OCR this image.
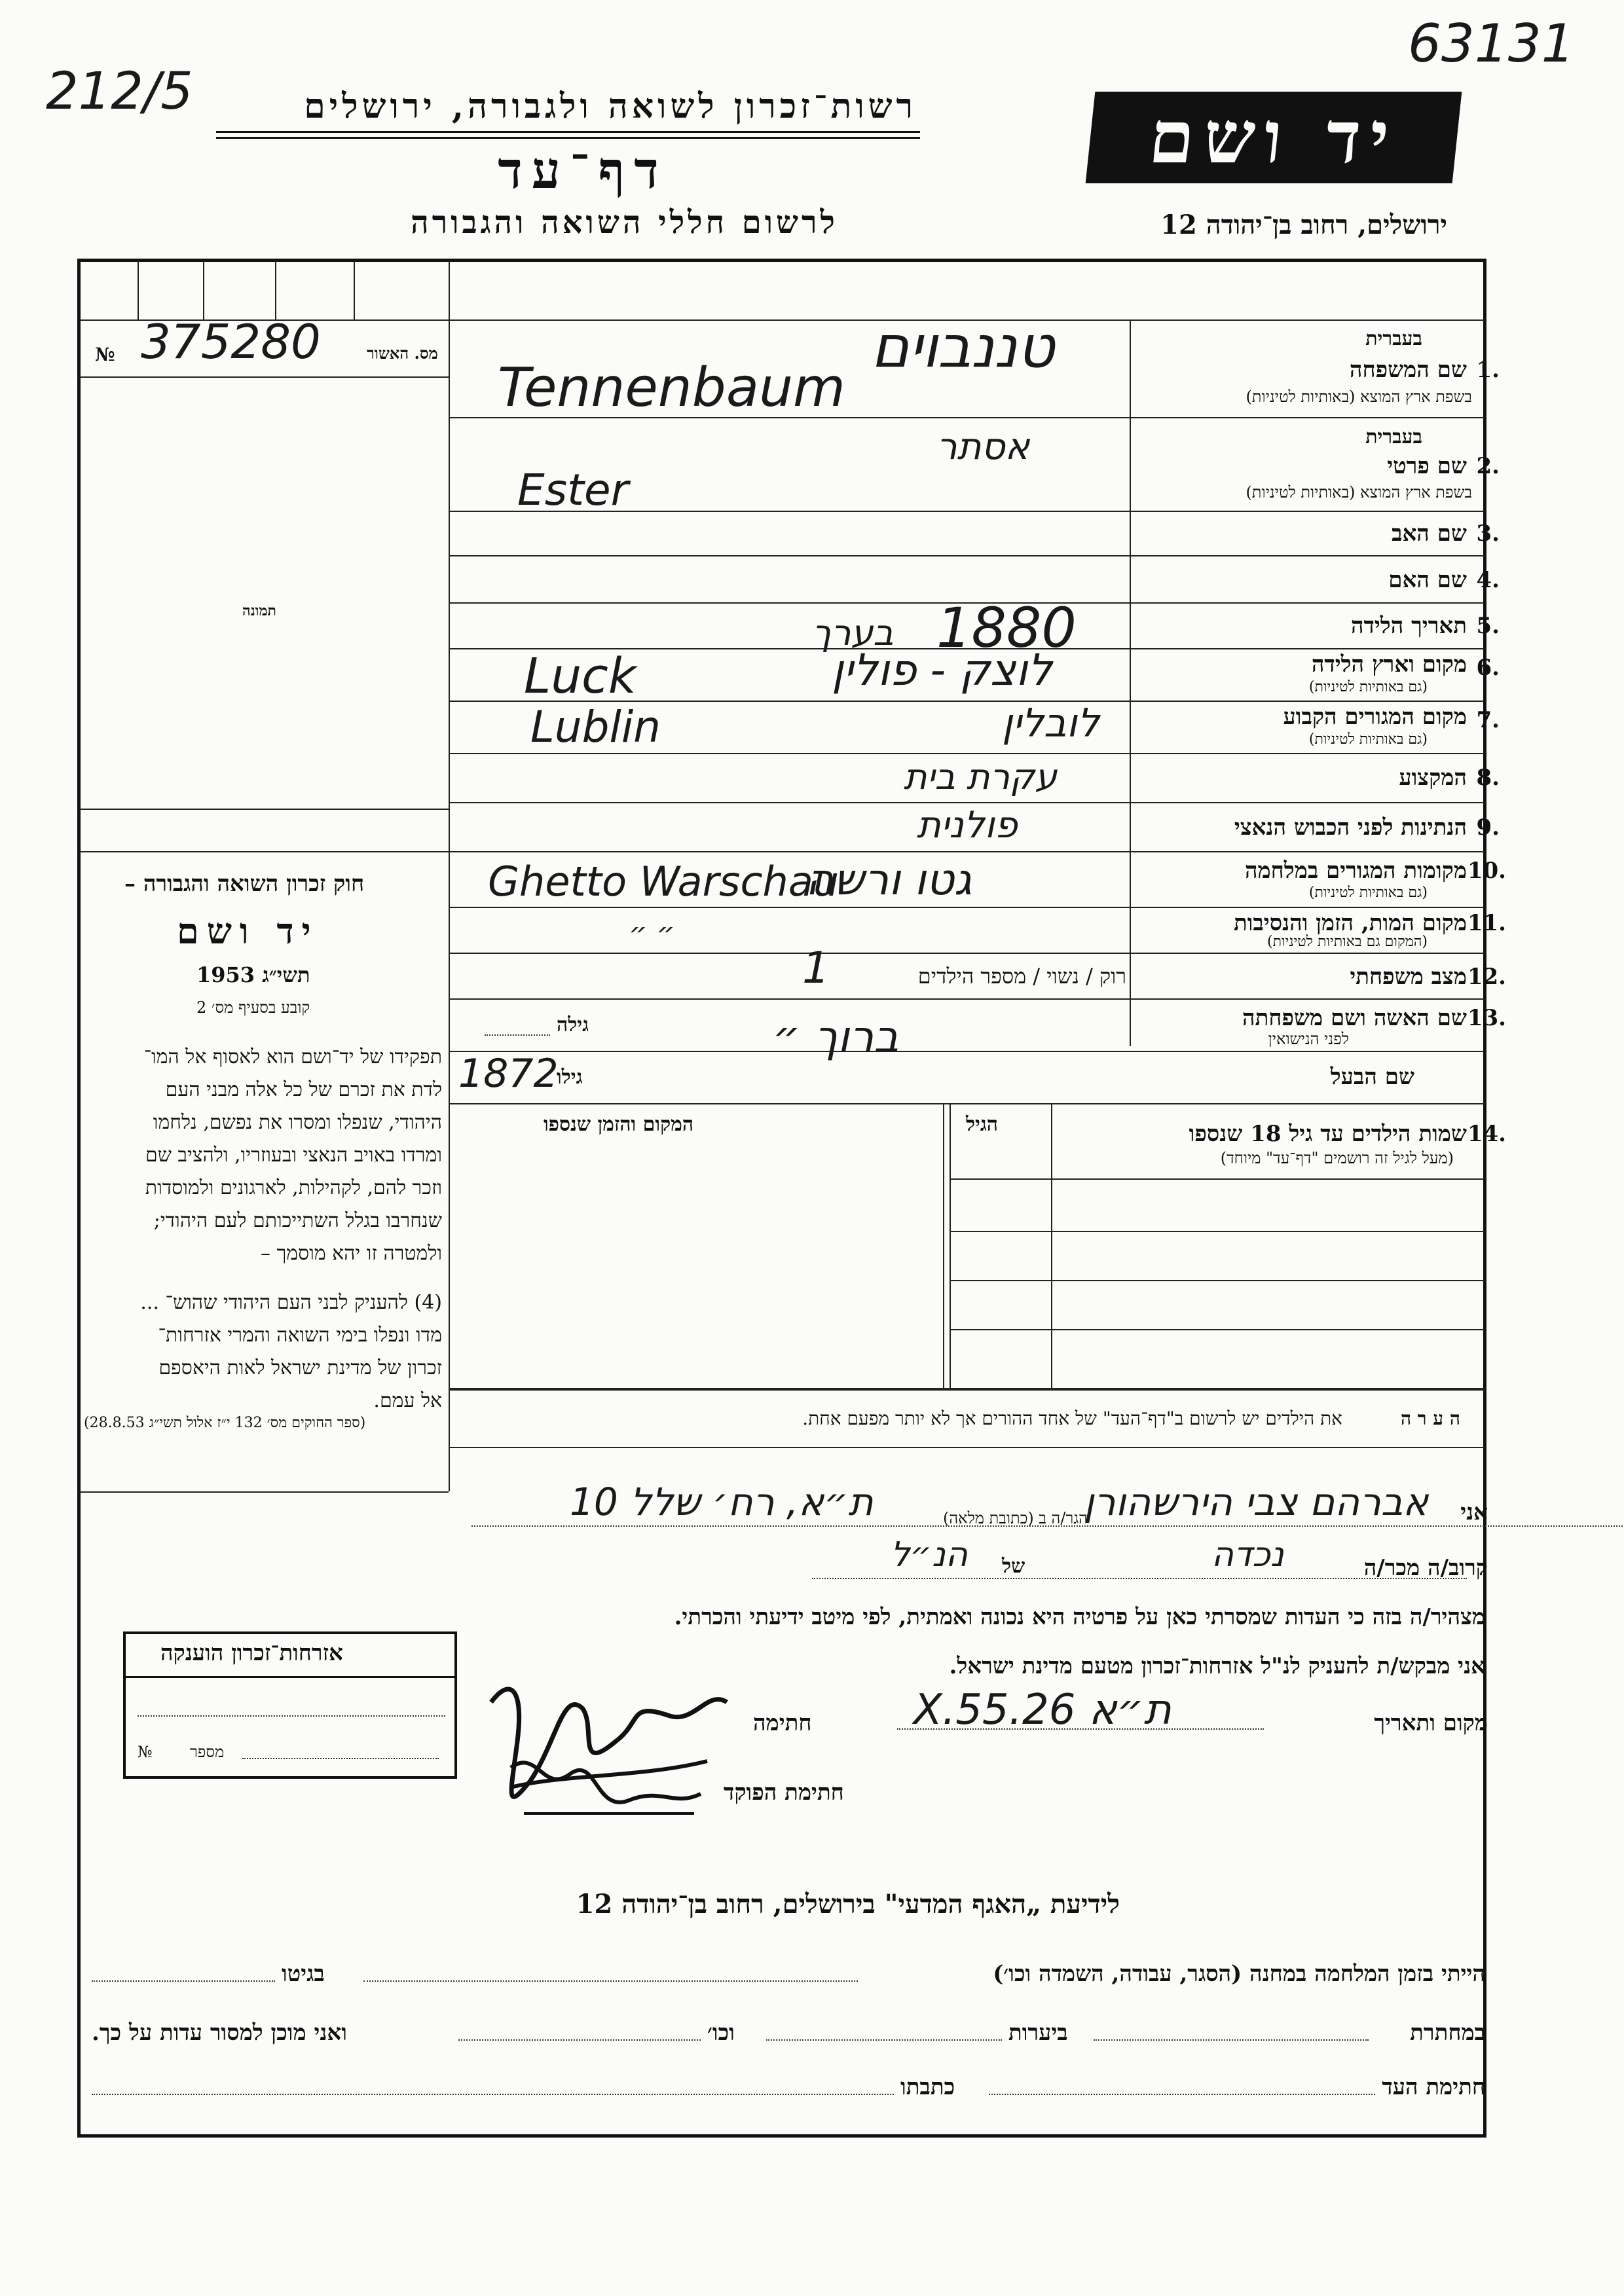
212/5
63131
רשות־זכרון לשואה ולגבורה, ירושלים
דף־עד
לרשום חללי השואה והגבורה
יד ושם
ירושלים, רחוב בן־יהודה 12
מס. האשור
№ 375280
תמונה
חוק זכרון השואה והגבורה –
יד ושם
תשי״ג 1953
קובע בסעיף מס׳ 2
תפקידו של יד־ושם הוא לאסוף אל המו־
לדת את זכרם של כל אלה מבני העם
היהודי, שנפלו ומסרו את נפשם, נלחמו
ומרדו באויב הנאצי ובעוזריו, ולהציב שם
וזכר להם, לקהילות, לארגונים ולמוסדות
שנחרבו בגלל השתייכותם לעם היהודי;
ולמטרה זו יהא מוסמך –
(4) להעניק לבני העם היהודי שהוש־ ...
מדו ונפלו בימי השואה והמרי אזרחות־
זכרון של מדינת ישראל לאות היאספם
אל עמם.
(ספר החוקים מס׳ 132 י״ז אלול תשי״ג 28.8.53)
בעברית
שם המשפחה 1.
בשפת ארץ המוצא (באותיות לטיניות)
טננבוים
Tennenbaum
בעברית
שם פרטי 2.
בשפת ארץ המוצא (באותיות לטיניות)
אסתר
Ester
שם האב 3.
שם האם 4.
תאריך הלידה 5.
1880
בערך
מקום וארץ הלידה 6.
(גם באותיות לטיניות)
לוצק - פולין
Luck
מקום המגורים הקבוע 7.
(גם באותיות לטיניות)
לובלין
Lublin
המקצוע 8.
עקרת בית
הנתינות לפני הכבוש הנאצי 9.
פולנית
מקומות המגורים במלחמה 10.
(גם באותיות לטיניות)
גטו ורשה
Ghetto Warschau
מקום המות, הזמן והנסיבות 11.
(המקום גם באותיות לטיניות)
״ ״
מצב משפחתי 12.
רוק / נשוי / מספר הילדים
1
שם האשה ושם משפחתה 13.
לפני הנישואין
גילה
שם הבעל
גילו
1872
ברוך ״
שמות הילדים עד גיל 18 שנספו 14.
(מעל לגיל זה רושמים "דף־עד" מיוחד)
הגיל
המקום והזמן שנספו
ה ע ר ה
את הילדים יש לרשום ב"דף־העד" של אחד ההורים אך לא יותר מפעם אחת.
אני
אברהם צבי הירשהורן
הגר/ה ב (כתובת מלאה)
ת״א, רח׳ שלל 10
קרוב/ה מכר/ה
נכדה
של
הנ״ל
מצהיר/ה בזה כי העדות שמסרתי כאן על פרטיה היא נכונה ואמתית, לפי מיטב ידיעתי והכרתי.
אני מבקש/ת להעניק לנ"ל אזרחות־זכרון מטעם מדינת ישראל.
מקום ותאריך
ת״א 26.X.55
חתימה
חתימת הפוקד
אזרחות־זכרון הוענקה
מספר
№
לידיעת „האגף המדעי" בירושלים, רחוב בן־יהודה 12
הייתי בזמן המלחמה במחנה (הסגר, עבודה, השמדה וכו׳)
בגיטו
במחתרת
ביערות
וכו׳
ואני מוכן למסור עדות על כך.
חתימת העד
כתבתו
